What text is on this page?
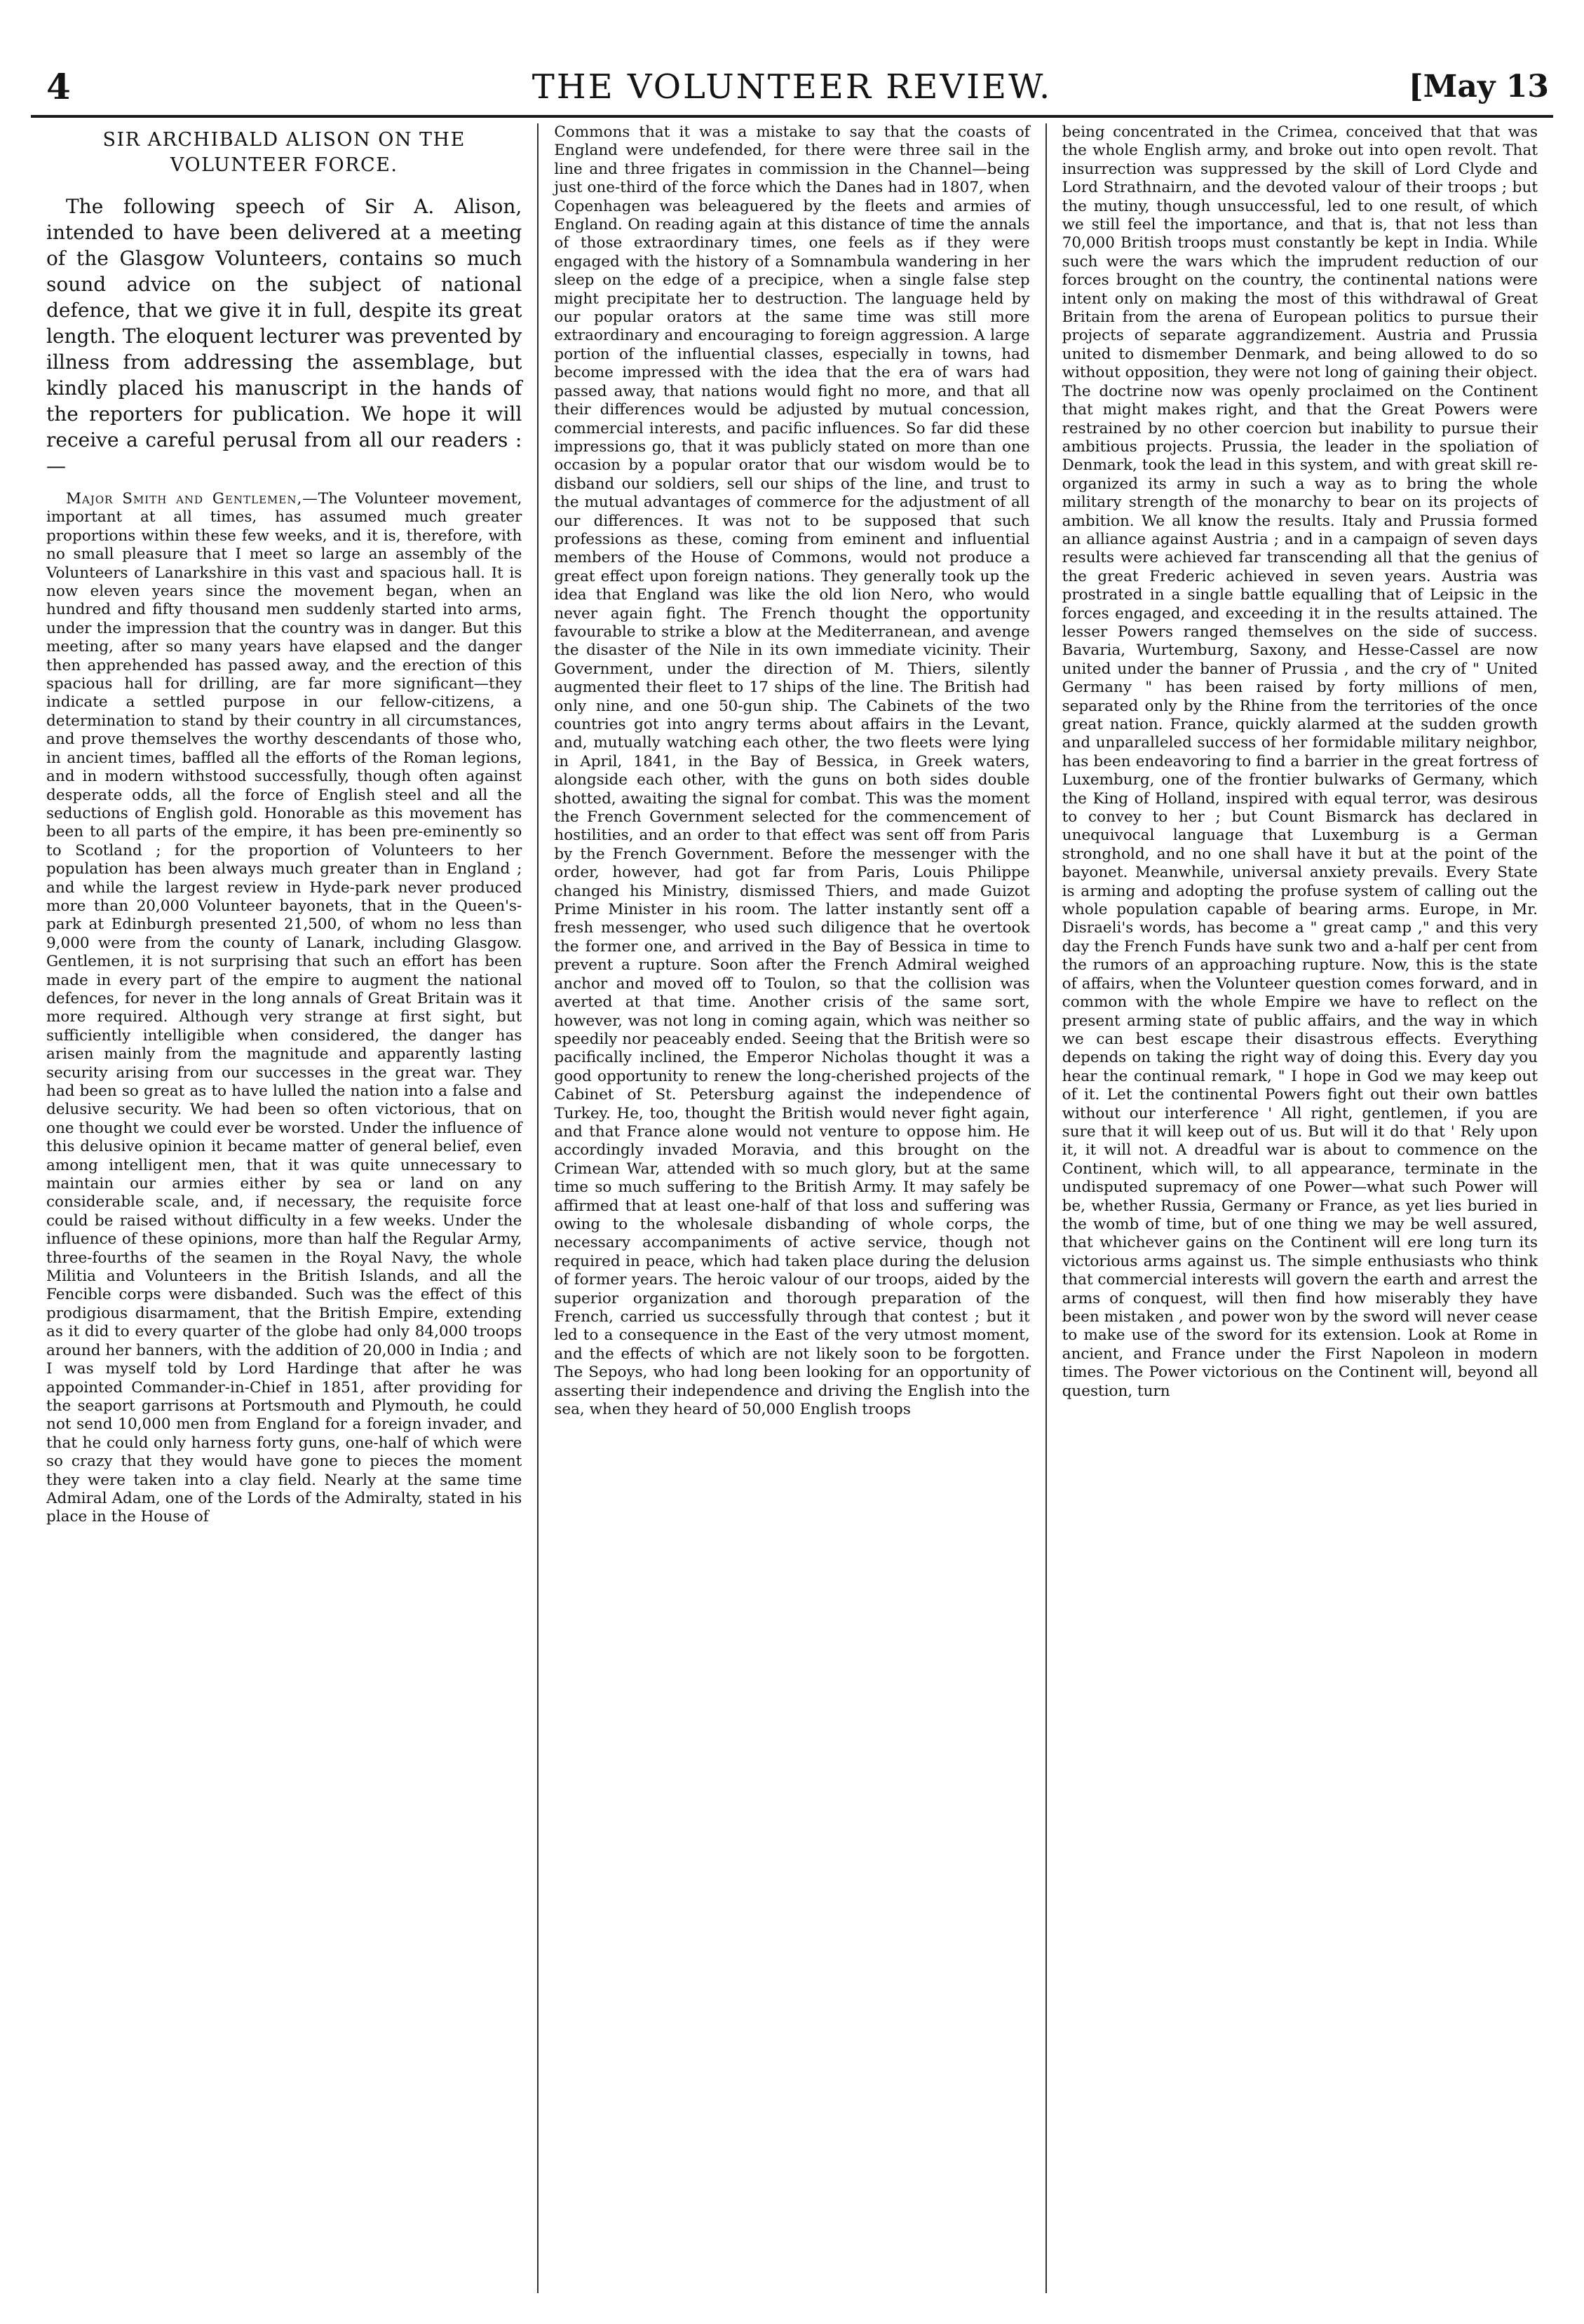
4	THE VOLUNTEER REVIEW.	[May 13
SIR ARCHIBALD ALISON ON THE VOLUNTEER FORCE.

The following speech of Sir A. Alison, intended to have been delivered at a meeting of the Glasgow Volunteers, contains so much sound advice on the subject of national defence, that we give it in full, despite its great length. The eloquent lecturer was prevented by illness from addressing the assemblage, but kindly placed his manuscript in the hands of the reporters for publication. We hope it will receive a careful perusal from all our readers :—

Major Smith and Gentlemen,—The Volunteer movement, important at all times, has assumed much greater proportions within these few weeks, and it is, therefore, with no small pleasure that I meet so large an assembly of the Volunteers of Lanarkshire in this vast and spacious hall. It is now eleven years since the movement began, when an hundred and fifty thousand men suddenly started into arms, under the impression that the country was in danger. But this meeting, after so many years have elapsed and the danger then apprehended has passed away, and the erection of this spacious hall for drilling, are far more significant—they indicate a settled purpose in our fellow-citizens, a determination to stand by their country in all circumstances, and prove themselves the worthy descendants of those who, in ancient times, baffled all the efforts of the Roman legions, and in modern withstood successfully, though often against desperate odds, all the force of English steel and all the seductions of English gold. Honorable as this movement has been to all parts of the empire, it has been pre-eminently so to Scotland ; for the proportion of Volunteers to her population has been always much greater than in England ; and while the largest review in Hyde-park never produced more than 20,000 Volunteer bayonets, that in the Queen's-park at Edinburgh presented 21,500, of whom no less than 9,000 were from the county of Lanark, including Glasgow. Gentlemen, it is not surprising that such an effort has been made in every part of the empire to augment the national defences, for never in the long annals of Great Britain was it more required. Although very strange at first sight, but sufficiently intelligible when considered, the danger has arisen mainly from the magnitude and apparently lasting security arising from our successes in the great war. They had been so great as to have lulled the nation into a false and delusive security. We had been so often victorious, that on one thought we could ever be worsted. Under the influence of this delusive opinion it became matter of general belief, even among intelligent men, that it was quite unnecessary to maintain our armies either by sea or land on any considerable scale, and, if necessary, the requisite force could be raised without difficulty in a few weeks. Under the influence of these opinions, more than half the Regular Army, three-fourths of the seamen in the Royal Navy, the whole Militia and Volunteers in the British Islands, and all the Fencible corps were disbanded. Such was the effect of this prodigious disarmament, that the British Empire, extending as it did to every quarter of the globe had only 84,000 troops around her banners, with the addition of 20,000 in India ; and I was myself told by Lord Hardinge that after he was appointed Commander-in-Chief in 1851, after providing for the seaport garrisons at Portsmouth and Plymouth, he could not send 10,000 men from England for a foreign invader, and that he could only harness forty guns, one-half of which were so crazy that they would have gone to pieces the moment they were taken into a clay field. Nearly at the same time Admiral Adam, one of the Lords of the Admiralty, stated in his place in the House of

Commons that it was a mistake to say that the coasts of England were undefended, for there were three sail in the line and three frigates in commission in the Channel—being just one-third of the force which the Danes had in 1807, when Copenhagen was beleaguered by the fleets and armies of England. On reading again at this distance of time the annals of those extraordinary times, one feels as if they were engaged with the history of a Somnambula wandering in her sleep on the edge of a precipice, when a single false step might precipitate her to destruction. The language held by our popular orators at the same time was still more extraordinary and encouraging to foreign aggression. A large portion of the influential classes, especially in towns, had become impressed with the idea that the era of wars had passed away, that nations would fight no more, and that all their differences would be adjusted by mutual concession, commercial interests, and pacific influences. So far did these impressions go, that it was publicly stated on more than one occasion by a popular orator that our wisdom would be to disband our soldiers, sell our ships of the line, and trust to the mutual advantages of commerce for the adjustment of all our differences. It was not to be supposed that such professions as these, coming from eminent and influential members of the House of Commons, would not produce a great effect upon foreign nations. They generally took up the idea that England was like the old lion Nero, who would never again fight. The French thought the opportunity favourable to strike a blow at the Mediterranean, and avenge the disaster of the Nile in its own immediate vicinity. Their Government, under the direction of M. Thiers, silently augmented their fleet to 17 ships of the line. The British had only nine, and one 50-gun ship. The Cabinets of the two countries got into angry terms about affairs in the Levant, and, mutually watching each other, the two fleets were lying in April, 1841, in the Bay of Bessica, in Greek waters, alongside each other, with the guns on both sides double shotted, awaiting the signal for combat. This was the moment the French Government selected for the commencement of hostilities, and an order to that effect was sent off from Paris by the French Government. Before the messenger with the order, however, had got far from Paris, Louis Philippe changed his Ministry, dismissed Thiers, and made Guizot Prime Minister in his room. The latter instantly sent off a fresh messenger, who used such diligence that he overtook the former one, and arrived in the Bay of Bessica in time to prevent a rupture. Soon after the French Admiral weighed anchor and moved off to Toulon, so that the collision was averted at that time. Another crisis of the same sort, however, was not long in coming again, which was neither so speedily nor peaceably ended. Seeing that the British were so pacifically inclined, the Emperor Nicholas thought it was a good opportunity to renew the long-cherished projects of the Cabinet of St. Petersburg against the independence of Turkey. He, too, thought the British would never fight again, and that France alone would not venture to oppose him. He accordingly invaded Moravia, and this brought on the Crimean War, attended with so much glory, but at the same time so much suffering to the British Army. It may safely be affirmed that at least one-half of that loss and suffering was owing to the wholesale disbanding of whole corps, the necessary accompaniments of active service, though not required in peace, which had taken place during the delusion of former years. The heroic valour of our troops, aided by the superior organization and thorough preparation of the French, carried us successfully through that contest ; but it led to a consequence in the East of the very utmost moment, and the effects of which are not likely soon to be forgotten. The Sepoys, who had long been looking for an opportunity of asserting their independence and driving the English into the sea, when they heard of 50,000 English troops

being concentrated in the Crimea, conceived that that was the whole English army, and broke out into open revolt. That insurrection was suppressed by the skill of Lord Clyde and Lord Strathnairn, and the devoted valour of their troops ; but the mutiny, though unsuccessful, led to one result, of which we still feel the importance, and that is, that not less than 70,000 British troops must constantly be kept in India. While such were the wars which the imprudent reduction of our forces brought on the country, the continental nations were intent only on making the most of this withdrawal of Great Britain from the arena of European politics to pursue their projects of separate aggrandizement. Austria and Prussia united to dismember Denmark, and being allowed to do so without opposition, they were not long of gaining their object. The doctrine now was openly proclaimed on the Continent that might makes right, and that the Great Powers were restrained by no other coercion but inability to pursue their ambitious projects. Prussia, the leader in the spoliation of Denmark, took the lead in this system, and with great skill re-organized its army in such a way as to bring the whole military strength of the monarchy to bear on its projects of ambition. We all know the results. Italy and Prussia formed an alliance against Austria ; and in a campaign of seven days results were achieved far transcending all that the genius of the great Frederic achieved in seven years. Austria was prostrated in a single battle equalling that of Leipsic in the forces engaged, and exceeding it in the results attained. The lesser Powers ranged themselves on the side of success. Bavaria, Wurtemburg, Saxony, and Hesse-Cassel are now united under the banner of Prussia , and the cry of " United Germany " has been raised by forty millions of men, separated only by the Rhine from the territories of the once great nation. France, quickly alarmed at the sudden growth and unparalleled success of her formidable military neighbor, has been endeavoring to find a barrier in the great fortress of Luxemburg, one of the frontier bulwarks of Germany, which the King of Holland, inspired with equal terror, was desirous to convey to her ; but Count Bismarck has declared in unequivocal language that Luxemburg is a German stronghold, and no one shall have it but at the point of the bayonet. Meanwhile, universal anxiety prevails. Every State is arming and adopting the profuse system of calling out the whole population capable of bearing arms. Europe, in Mr. Disraeli's words, has become a " great camp ," and this very day the French Funds have sunk two and a-half per cent from the rumors of an approaching rupture. Now, this is the state of affairs, when the Volunteer question comes forward, and in common with the whole Empire we have to reflect on the present arming state of public affairs, and the way in which we can best escape their disastrous effects. Everything depends on taking the right way of doing this. Every day you hear the continual remark, " I hope in God we may keep out of it. Let the continental Powers fight out their own battles without our interference ' All right, gentlemen, if you are sure that it will keep out of us. But will it do that ' Rely upon it, it will not. A dreadful war is about to commence on the Continent, which will, to all appearance, terminate in the undisputed supremacy of one Power—what such Power will be, whether Russia, Germany or France, as yet lies buried in the womb of time, but of one thing we may be well assured, that whichever gains on the Continent will ere long turn its victorious arms against us. The simple enthusiasts who think that commercial interests will govern the earth and arrest the arms of conquest, will then find how miserably they have been mistaken , and power won by the sword will never cease to make use of the sword for its extension. Look at Rome in ancient, and France under the First Napoleon in modern times. The Power victorious on the Continent will, beyond all question, turn
